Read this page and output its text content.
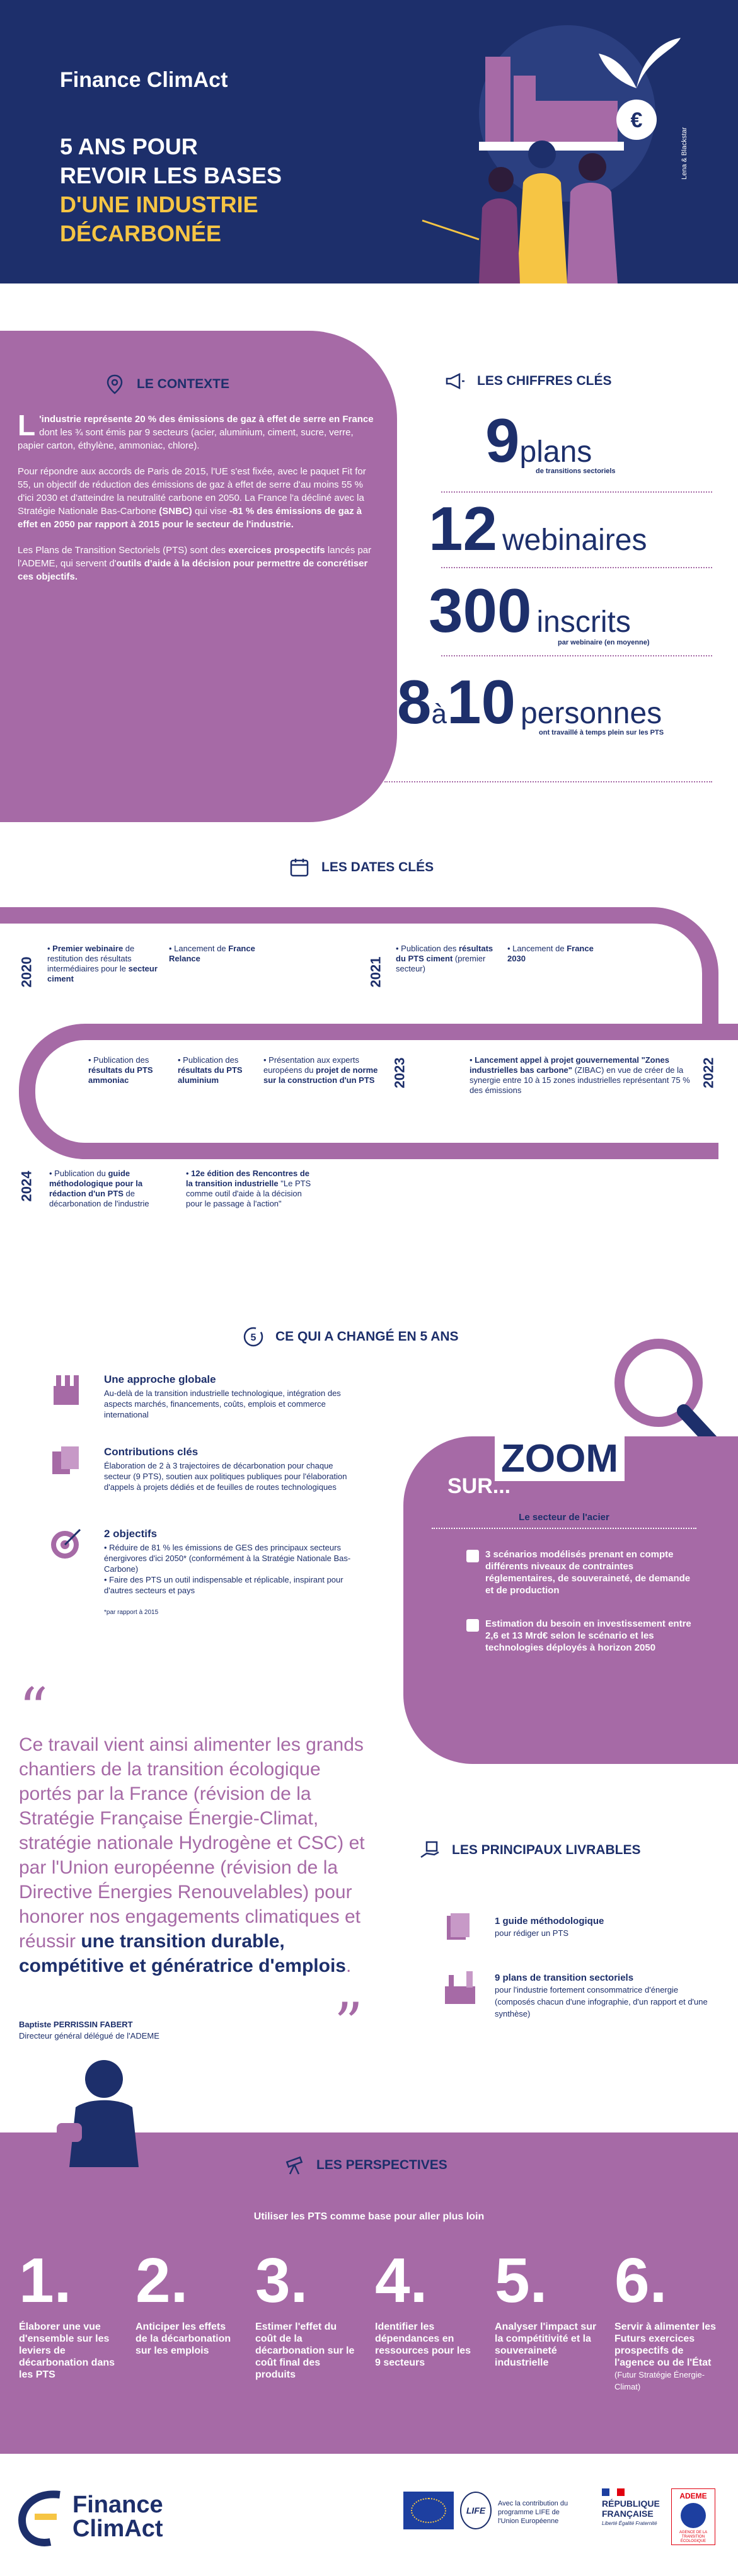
Finance ClimAct
5 ANS POUR
REVOIR LES BASES
D'UNE INDUSTRIE
DÉCARBONÉE
€
Lena & Blackstar
LE CONTEXTE

L 'industrie représente 20 % des émissions de gaz à effet de serre en France dont les ¾ sont émis par 9 secteurs (acier, aluminium, ciment, sucre, verre, papier carton, éthylène, ammoniac, chlore).

Pour répondre aux accords de Paris de 2015, l'UE s'est fixée, avec le paquet Fit for 55, un objectif de réduction des émissions de gaz à effet de serre d'au moins 55 % d'ici 2030 et d'atteindre la neutralité carbone en 2050. La France l'a décliné avec la Stratégie Nationale Bas-Carbone (SNBC) qui vise -81 % des émissions de gaz à effet en 2050 par rapport à 2015 pour le secteur de l'industrie.

Les Plans de Transition Sectoriels (PTS) sont des exercices prospectifs lancés par l'ADEME, qui servent d'outils d'aide à la décision pour permettre de concrétiser ces objectifs.

LES CHIFFRES CLÉS
9plans
de transitions sectoriels
12 webinaires
300 inscrits
par webinaire (en moyenne)
8à10 personnes
ont travaillé à temps plein sur les PTS
LES DATES CLÉS
2020
• Premier webinaire de restitution des résultats intermédiaires pour le secteur ciment
• Lancement de France Relance	2021
• Publication des résultats du PTS ciment (premier secteur)
• Lancement de France 2030
2022
• Lancement appel à projet gouvernemental "Zones industrielles bas carbone" (ZIBAC) en vue de créer de la synergie entre 10 à 15 zones industrielles représentant 75 % des émissions
2023
• Publication des résultats du PTS ammoniac
• Publication des résultats du PTS aluminium
• Présentation aux experts européens du projet de norme sur la construction d'un PTS
2024 • Publication du guide méthodologique pour la rédaction d'un PTS de décarbonation de l'industrie
• 12e édition des Rencontres de la transition industrielle "Le PTS comme outil d'aide à la décision pour le passage à l'action"
5 CE QUI A CHANGÉ EN 5 ANS
Une approche globale

Au-delà de la transition industrielle technologique, intégration des aspects marchés, financements, coûts, emplois et commerce international

Contributions clés

Élaboration de 2 à 3 trajectoires de décarbonation pour chaque secteur (9 PTS), soutien aux politiques publiques pour l'élaboration d'appels à projets dédiés et de feuilles de routes technologiques

2 objectifs

• Réduire de 81 % les émissions de GES des principaux secteurs énergivores d'ici 2050* (conformément à la Stratégie Nationale Bas-Carbone)

• Faire des PTS un outil indispensable et réplicable, inspirant pour d'autres secteurs et pays

*par rapport à 2015

ZOOM
SUR...
Le secteur de l'acier
3 scénarios modélisés prenant en compte différents niveaux de contraintes réglementaires, de souveraineté, de demande et de production
Estimation du besoin en investissement entre 2,6 et 13 Mrd€ selon le scénario et les technologies déployés à horizon 2050
“
Ce travail vient ainsi alimenter les grands chantiers de la transition écologique portés par la France (révision de la Stratégie Française Énergie-Climat, stratégie nationale Hydrogène et CSC) et par l'Union européenne (révision de la Directive Énergies Renouvelables) pour honorer nos engagements climatiques et réussir une transition durable, compétitive et génératrice d'emplois.
”
Baptiste PERRISSIN FABERT
Directeur général délégué de l'ADEME
LES PRINCIPAUX LIVRABLES
1 guide méthodologique
pour rédiger un PTS
9 plans de transition sectoriels
pour l'industrie fortement consommatrice d'énergie (composés chacun d'une infographie, d'un rapport et d'une synthèse)
LES PERSPECTIVES
Utiliser les PTS comme base pour aller plus loin
1.
Élaborer une vue d'ensemble sur les leviers de décarbonation dans les PTS
2.
Anticiper les effets de la décarbonation sur les emplois
3.
Estimer l'effet du coût de la décarbonation sur le coût final des produits
4.
Identifier les dépendances en ressources pour les 9 secteurs
5.
Analyser l'impact sur la compétitivité et la souveraineté industrielle
6.
Servir à alimenter les Futurs exercices prospectifs de l'agence ou de l'État (Futur Stratégie Énergie-Climat)
Finance
ClimAct
LIFE
Avec la contribution du programme LIFE de l'Union Européenne
RÉPUBLIQUE
FRANÇAISE
Liberté Égalité Fraternité
ADEME
AGENCE DE LA TRANSITION ÉCOLOGIQUE
